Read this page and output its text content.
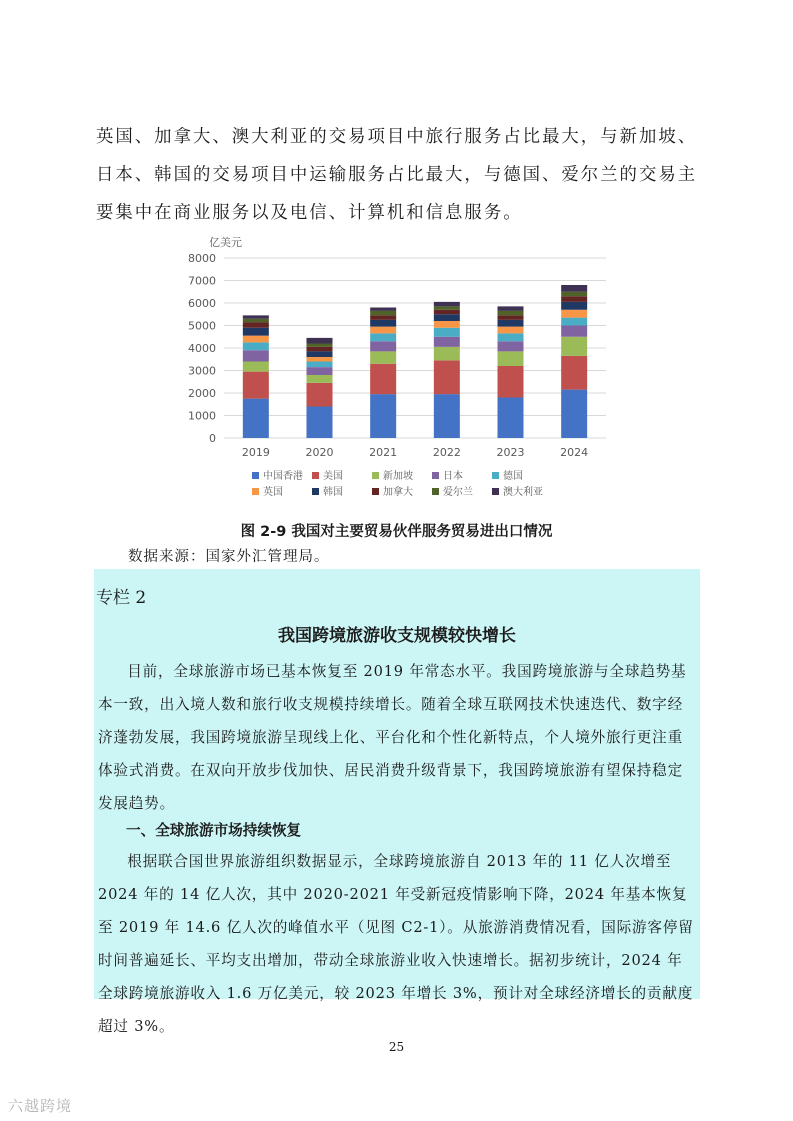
英国、加拿大、澳大利亚的交易项目中旅行服务占比最大，与新加坡、日本、韩国的交易项目中运输服务占比最大，与德国、爱尔兰的交易主要集中在商业服务以及电信、计算机和信息服务。

亿美元
0
1000
2000
3000
4000
5000
6000
7000
8000
2019	2020	2021	2022	2023	2024
中国香港 美国	新加坡	日本	德国
英国	韩国	加拿大	爱尔兰	澳大利亚
图 2-9 我国对主要贸易伙伴服务贸易进出口情况
数据来源：国家外汇管理局。
专栏 2
我国跨境旅游收支规模较快增长

目前，全球旅游市场已基本恢复至 2019 年常态水平。我国跨境旅游与全球趋势基本一致，出入境人数和旅行收支规模持续增长。随着全球互联网技术快速迭代、数字经济蓬勃发展，我国跨境旅游呈现线上化、平台化和个性化新特点，个人境外旅行更注重体验式消费。在双向开放步伐加快、居民消费升级背景下，我国跨境旅游有望保持稳定发展趋势。

一、全球旅游市场持续恢复

根据联合国世界旅游组织数据显示，全球跨境旅游自 2013 年的 11 亿人次增至 2024 年的 14 亿人次，其中 2020-2021 年受新冠疫情影响下降，2024 年基本恢复至 2019 年 14.6 亿人次的峰值水平（见图 C2-1）。从旅游消费情况看，国际游客停留时间普遍延长、平均支出增加，带动全球旅游业收入快速增长。据初步统计，2024 年全球跨境旅游收入 1.6 万亿美元，较 2023 年增长 3%，预计对全球经济增长的贡献度超过 3%。

25
六越跨境
